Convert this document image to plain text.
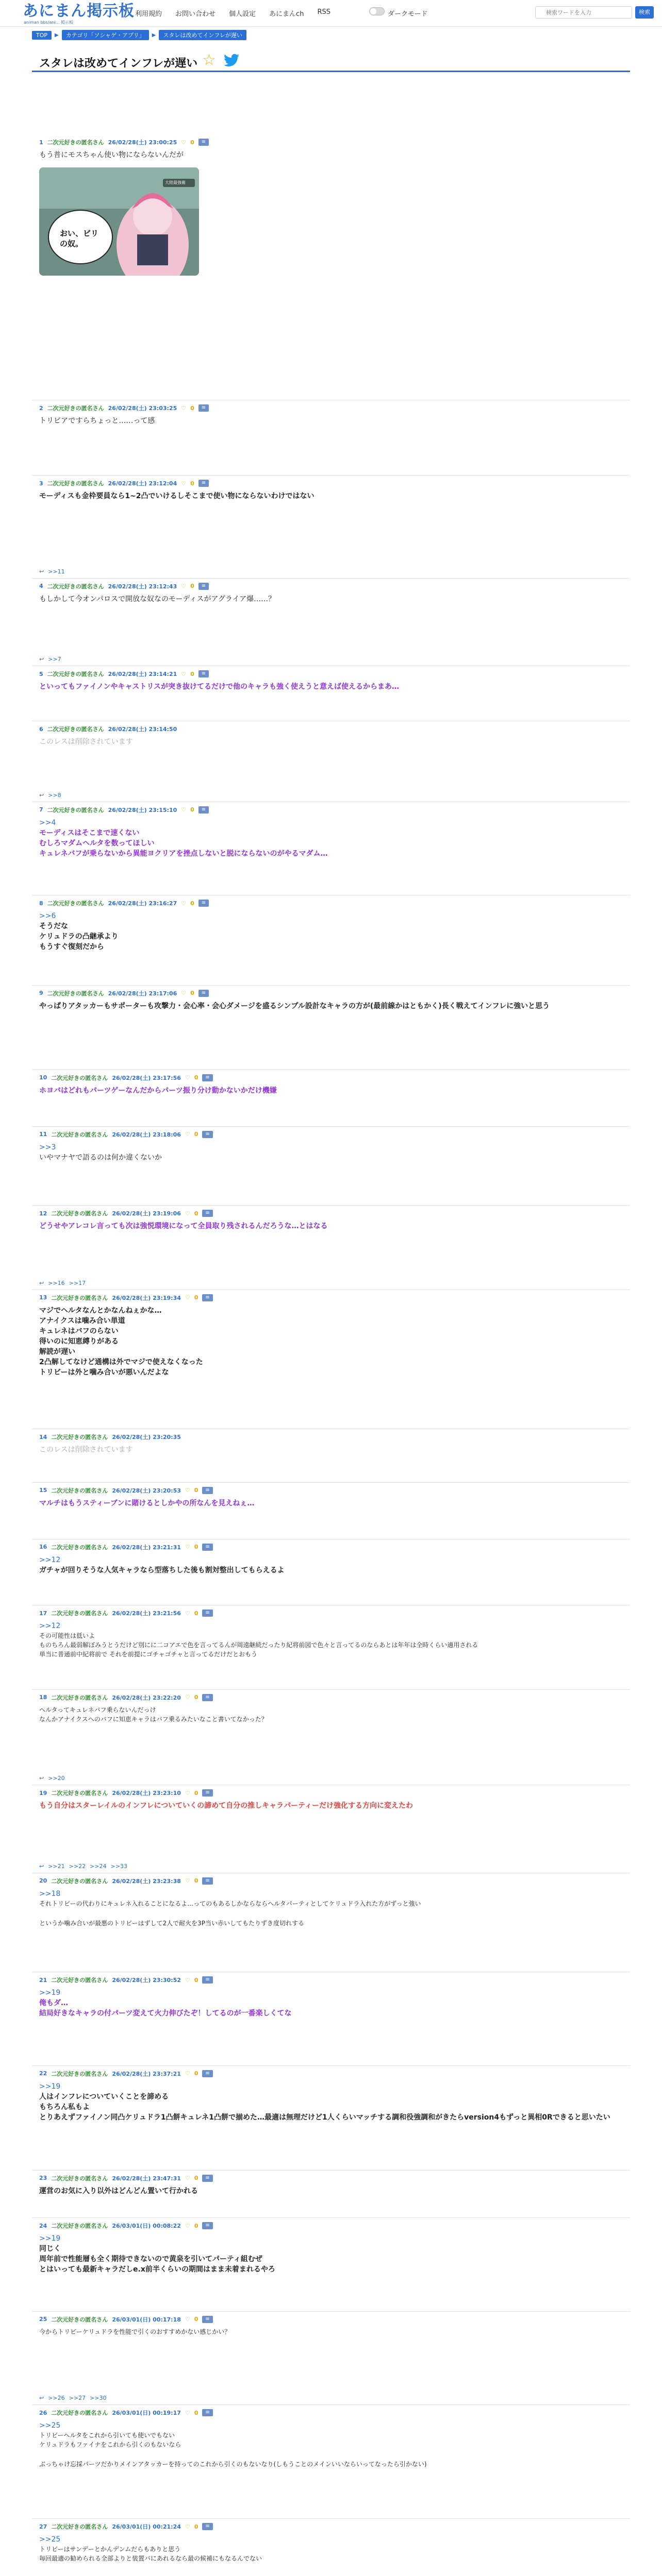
あにまん掲示板
animan bbs/ani... 掲示板
利用規約 お問い合わせ 個人設定 あにまんch RSS	ダークモード
検索ワードを入力	検索
TOP	▶	カテゴリ「ソシャゲ・アプリ」	▶	スタレは改めてインフレが遅い
スタレは改めてインフレが遅い ☆
1 二次元好きの匿名さん 26/02/28(土) 23:00:25 ♡ 0	≡
もう普にモスちゃん使い物にならないんだが
おい、ビリの奴。
大陸最強衛
2 二次元好きの匿名さん 26/02/28(土) 23:03:25 ♡ 0	≡
トリビアですらちょっと……って感
3 二次元好きの匿名さん 26/02/28(土) 23:12:04 ♡ 0	≡
モーディスも金枠要員なら1~2凸でいけるしそこまで使い物にならないわけではない
↩ >>11
4 二次元好きの匿名さん 26/02/28(土) 23:12:43 ♡ 0	≡
もしかして今オンパロスで開放な奴なのモーディスがアグライア爆……？
↩ >>7
5 二次元好きの匿名さん 26/02/28(土) 23:14:21 ♡ 0	≡
といってもファイノンやキャストリスが突き抜けてるだけで他のキャラも強く使えうと意えば使えるからまあ…
6 二次元好きの匿名さん 26/02/28(土) 23:14:50
このレスは削除されています
↩ >>8
7 二次元好きの匿名さん 26/02/28(土) 23:15:10 ♡ 0	≡
>>4
モーディスはそこまで速くない
むしろマダムヘルタを数ってほしい
キュレネバフが乗らないから異能ヨクリアを挫点しないと脱にならないのがやるマダム…
8 二次元好きの匿名さん 26/02/28(土) 23:16:27 ♡ 0	≡
>>6
そうだな
ケリュドラの凸継承より
もうすぐ復刻だから
9 二次元好きの匿名さん 26/02/28(土) 23:17:06 ♡ 0	≡
やっぱりアタッカーもサポーターも攻撃力・会心率・会心ダメージを盛るシンプル設計なキャラの方が(最前線かはともかく)長く戦えてインフレに強いと思う
10 二次元好きの匿名さん 26/02/28(土) 23:17:56 ♡ 0	≡
ホヨバはどれもパーツゲーなんだからパーツ振り分け動かないかだけ機嫌
11 二次元好きの匿名さん 26/02/28(土) 23:18:06 ♡ 0	≡
>>3
いやマナヤで語るのは何か違くないか
12 二次元好きの匿名さん 26/02/28(土) 23:19:06 ♡ 0	≡
どうせやアレコレ言っても次は強悦環境になって全員取り残されるんだろうな…とはなる
↩ >>16 >>17
13 二次元好きの匿名さん 26/02/28(土) 23:19:34 ♡ 0	≡
マジでヘルタなんとかなんねぇかな…
アナイクスは噛み合い単道
キュレネはバフのらない
得いのに知恵縛りがある
解読が遅い
2凸解してなけど通構は外でマジで使えなくなった
トリビーは外と噛み合いが悪いんだよな
14 二次元好きの匿名さん 26/02/28(土) 23:20:35
このレスは削除されています
15 二次元好きの匿名さん 26/02/28(土) 23:20:53 ♡ 0	≡
マルチはもうスティーブンに賭けるとしかやの所なんを見えねぇ…
16 二次元好きの匿名さん 26/02/28(土) 23:21:31 ♡ 0	≡
>>12
ガチャが回りそうな人気キャラなら型落ちした後も割対整出してもらえるよ
17 二次元好きの匿名さん 26/02/28(土) 23:21:56 ♡ 0	≡
>>12
その可能性は低いよ
ものちろん最弱解ぼみうとうだけど別にに二コアエで色を言ってるんが周遠継続だったり紀将前図で色々と言ってるのならあとは年年は全時くらい適用される
単当に普通前中紀将前で それを前提にゴチャゴチャと言ってるだけだとおもう
18 二次元好きの匿名さん 26/02/28(土) 23:22:20 ♡ 0	≡
ヘルタってキュレネバフ乗らないんだっけ
なんかアナイクスへのバフに知恵キャラはバフ乗るみたいなこと書いてなかった？
↩ >>20
19 二次元好きの匿名さん 26/02/28(土) 23:23:10 ♡ 0	≡
もう自分はスターレイルのインフレについていくの諦めて自分の推しキャラパーティーだけ強化する方向に変えたわ
↩ >>21 >>22 >>24 >>33
20 二次元好きの匿名さん 26/02/28(土) 23:23:38 ♡ 0	≡
>>18
それトリビーの代わりにキュレネ入れることになるよ…ってのもあるしかならならヘルタパーティとしてケリュドラ入れた方がずっと強い

というか噛み合いが最悪のトリビーはずして2人で耐火を3P当い赤いしてもたりずき度切れする
21 二次元好きの匿名さん 26/02/28(土) 23:30:52 ♡ 0	≡
>>19
俺もダ…
結局好きなキャラの付パーツ変えて火力伸びたぞ！してるのが一番楽しくてな
22 二次元好きの匿名さん 26/02/28(土) 23:37:21 ♡ 0	≡
>>19
人はインフレについていくことを諦める
もちろん私もよ
とりあえずファイノン同凸ケリュドラ1凸餅キュレネ1凸餅で揃めた…最適は無理だけど1人くらいマッチする調和役強調和がきたらversion4もずっと異相0Rできると思いたい
23 二次元好きの匿名さん 26/02/28(土) 23:47:31 ♡ 0	≡
運営のお気に入り以外はどんどん置いて行かれる
24 二次元好きの匿名さん 26/03/01(日) 00:08:22 ♡ 0	≡
>>19
同じく
周年前で性能層も全く期待できないので黄泉を引いてパーティ組むぜ
とはいっても最新キャラだしe.x前半くらいの期間はまま未着まれるやろ
25 二次元好きの匿名さん 26/03/01(日) 00:17:18 ♡ 0	≡
今からトリビーケリュドラを性能で引くのおすすめかない感じかい？
↩ >>26 >>27 >>30
26 二次元好きの匿名さん 26/03/01(日) 00:19:17 ♡ 0	≡
>>25
トリビーへルタをこれから引いても使いでもない
ケリュドラもファイナをこれから引くのもないなら

ぶっちゃけ忘採パーツだかりメインアタッカーを持ってのこれから引くのもないなり(しもうことのメインいいならいってなったら引かない)
27 二次元好きの匿名さん 26/03/01(日) 00:21:24 ♡ 0	≡
>>25
トリビーはサンデーとかんデンムだらもありと思う
毎回最適の勧められる全部よりと装置バにあれるなら最の候補にもなるんでない
